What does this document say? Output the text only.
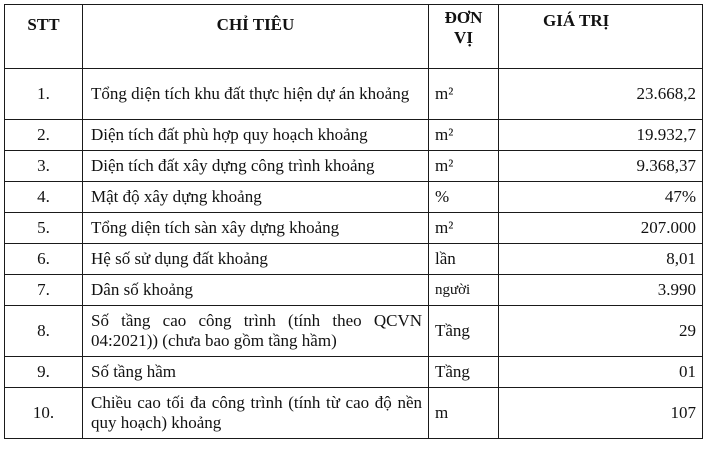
STT	CHỈ TIÊU	ĐƠN VỊ	GIÁ TRỊ
1.	Tổng diện tích khu đất thực hiện dự án khoảng	m²	23.668,2
2.	Diện tích đất phù hợp quy hoạch khoảng	m²	19.932,7
3.	Diện tích đất xây dựng công trình khoảng	m²	9.368,37
4.	Mật độ xây dựng khoảng	%	47%
5.	Tổng diện tích sàn xây dựng khoảng	m²	207.000
6.	Hệ số sử dụng đất khoảng	lần	8,01
7.	Dân số khoảng	người	3.990
8.	Số tầng cao công trình (tính theo QCVN 04:2021)) (chưa bao gồm tầng hầm)	Tầng	29
9.	Số tầng hầm	Tầng	01
10.	Chiều cao tối đa công trình (tính từ cao độ nền quy hoạch) khoảng	m	107
